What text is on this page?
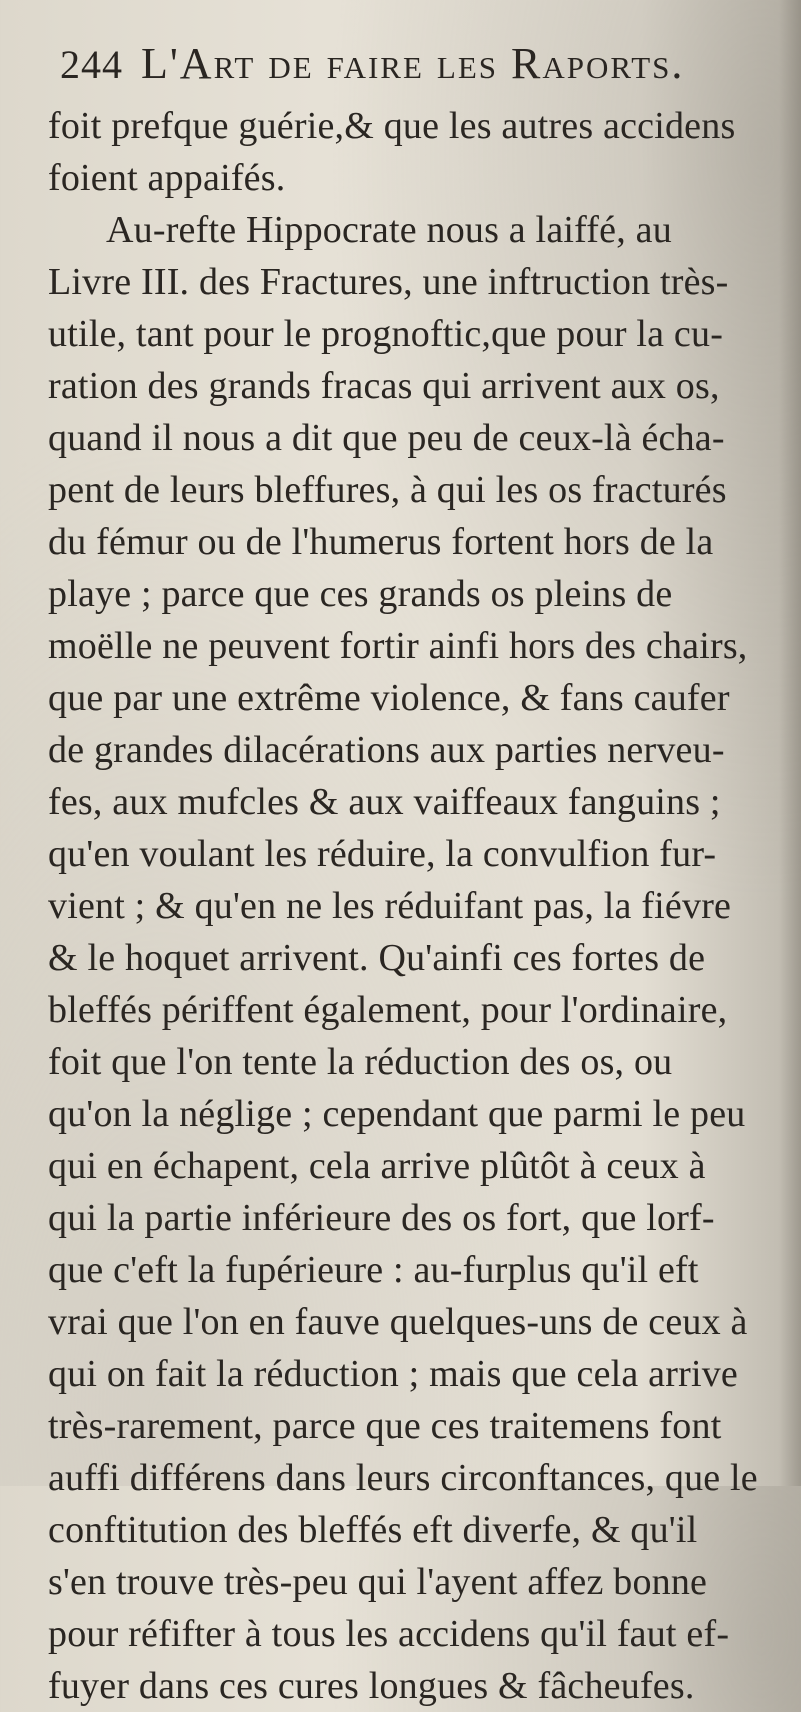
244 L'Art de faire les Raports.
foit prefque guérie,& que les autres accidens
foient appaifés.
Au-refte Hippocrate nous a laiffé, au
Livre III. des Fractures, une inftruction très-
utile, tant pour le prognoftic,que pour la cu-
ration des grands fracas qui arrivent aux os,
quand il nous a dit que peu de ceux-là écha-
pent de leurs bleffures, à qui les os fracturés
du fémur ou de l'humerus fortent hors de la
playe ; parce que ces grands os pleins de
moëlle ne peuvent fortir ainfi hors des chairs,
que par une extrême violence, & fans caufer
de grandes dilacérations aux parties nerveu-
fes, aux mufcles & aux vaiffeaux fanguins ;
qu'en voulant les réduire, la convulfion fur-
vient ; & qu'en ne les réduifant pas, la fiévre
& le hoquet arrivent. Qu'ainfi ces fortes de
bleffés périffent également, pour l'ordinaire,
foit que l'on tente la réduction des os, ou
qu'on la néglige ; cependant que parmi le peu
qui en échapent, cela arrive plûtôt à ceux à
qui la partie inférieure des os fort, que lorf-
que c'eft la fupérieure : au-furplus qu'il eft
vrai que l'on en fauve quelques-uns de ceux à
qui on fait la réduction ; mais que cela arrive
très-rarement, parce que ces traitemens font
auffi différens dans leurs circonftances, que le
conftitution des bleffés eft diverfe, & qu'il
s'en trouve très-peu qui l'ayent affez bonne
pour réfifter à tous les accidens qu'il faut ef-
fuyer dans ces cures longues & fâcheufes.
